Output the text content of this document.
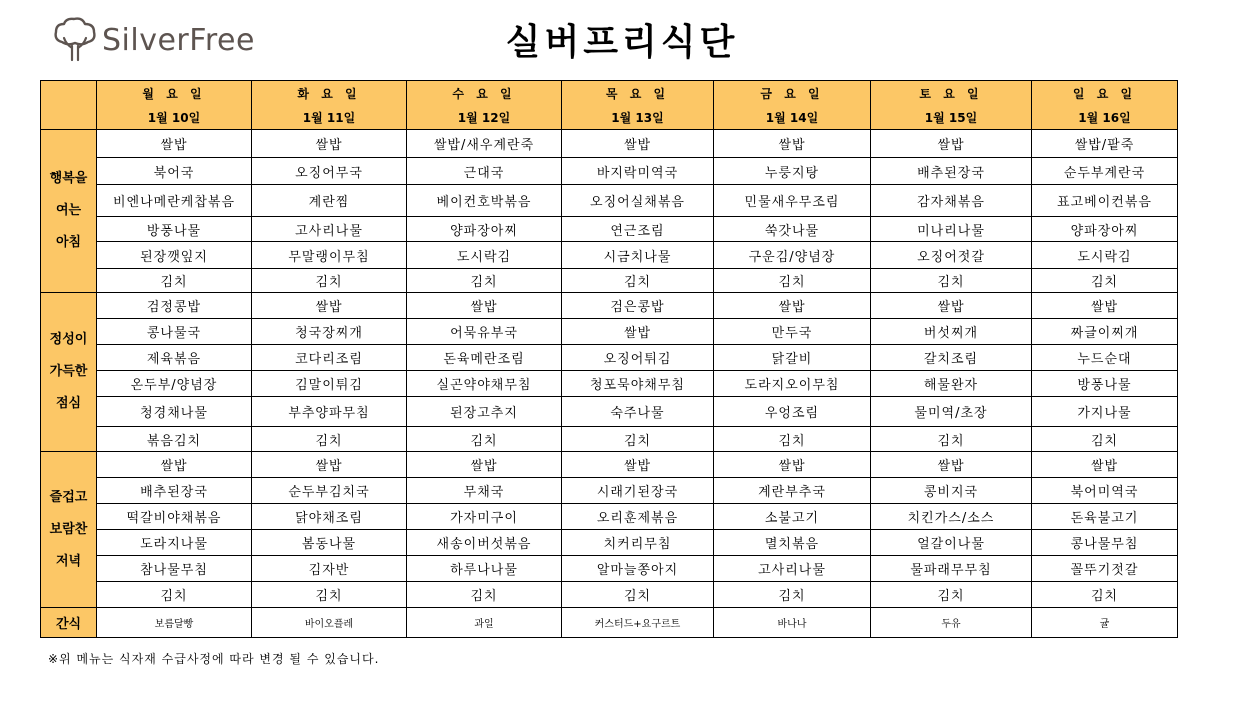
SilverFree	실버프리식단
	월 요 일	화 요 일	수 요 일	목 요 일	금 요 일	토 요 일	일 요 일
	1월 10일	1월 11일	1월 12일	1월 13일	1월 14일	1월 15일	1월 16일

행복을
여는
아침	쌀밥	쌀밥	쌀밥/새우계란죽	쌀밥	쌀밥	쌀밥	쌀밥/팥죽
	북어국	오징어무국	근대국	바지락미역국	누룽지탕	배추된장국	순두부계란국
	비엔나메란케찹볶음	계란찜	베이컨호박볶음	오징어실채볶음	민물새우무조림	감자채볶음	표고베이컨볶음
	방풍나물	고사리나물	양파장아찌	연근조림	쑥갓나물	미나리나물	양파장아찌
	된장깻잎지	무말랭이무침	도시락김	시금치나물	구운김/양념장	오징어젓갈	도시락김
	김치	김치	김치	김치	김치	김치	김치

정성이
가득한
점심	검정콩밥	쌀밥	쌀밥	검은콩밥	쌀밥	쌀밥	쌀밥
	콩나물국	청국장찌개	어묵유부국	쌀밥	만두국	버섯찌개	짜글이찌개
	제육볶음	코다리조림	돈육메란조림	오징어튀김	닭갈비	갈치조림	누드순대
	온두부/양념장	김말이튀김	실곤약야채무침	청포묵야채무침	도라지오이무침	해물완자	방풍나물
	청경채나물	부추양파무침	된장고추지	숙주나물	우엉조림	물미역/초장	가지나물
	볶음김치	김치	김치	김치	김치	김치	김치

즐겁고
보람찬
저녁	쌀밥	쌀밥	쌀밥	쌀밥	쌀밥	쌀밥	쌀밥
	배추된장국	순두부김치국	무채국	시래기된장국	계란부추국	콩비지국	북어미역국
	떡갈비야채볶음	닭야채조림	가자미구이	오리훈제볶음	소불고기	치킨가스/소스	돈육불고기
	도라지나물	봄동나물	새송이버섯볶음	치커리무침	멸치볶음	얼갈이나물	콩나물무침
	참나물무침	김자반	하루나나물	알마늘쫑아지	고사리나물	물파래무무침	꼴뚜기젓갈
	김치	김치	김치	김치	김치	김치	김치
간식	보름달빵	바이오플레	과일	커스터드+요구르트	바나나	두유	귤
※위 메뉴는 식자재 수급사정에 따라 변경 될 수 있습니다.
